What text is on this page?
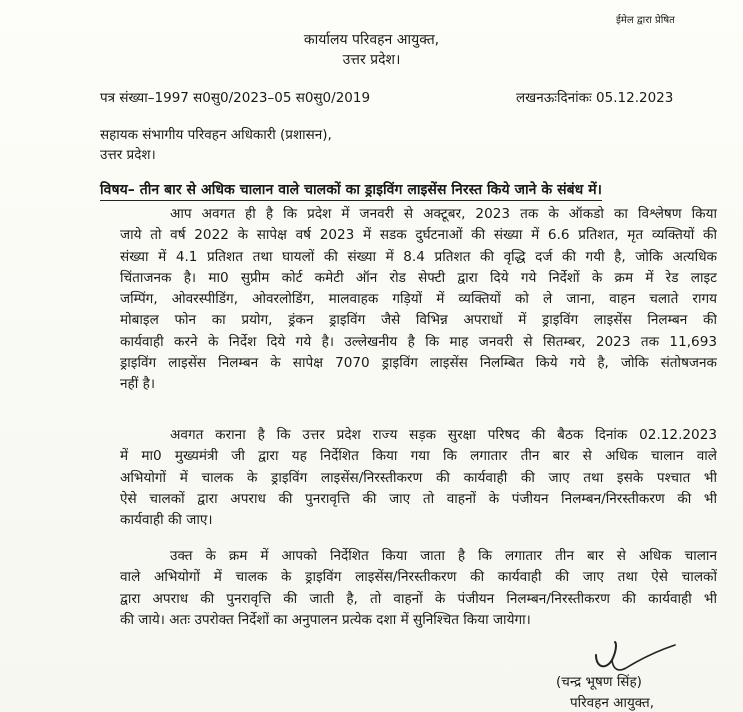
ईमेल द्वारा प्रेषित
कार्यालय परिवहन आयुक्त,
उत्तर प्रदेश।
पत्र संख्या–1997 स0सु0/2023–05 स0सु0/2019	लखनऊःदिनांकः 05.12.2023
सहायक संभागीय परिवहन अधिकारी (प्रशासन),
उत्तर प्रदेश।
विषय– तीन बार से अधिक चालान वाले चालकों का ड्राइविंग लाइसेंस निरस्त किये जाने के संबंध में।
आप अवगत ही है कि प्रदेश में जनवरी से अक्टूबर, 2023 तक के ऑकडो का विश्लेषण किया
जाये तो वर्ष 2022 के सापेक्ष वर्ष 2023 में सडक दुर्घटनाओं की संख्या में 6.6 प्रतिशत, मृत व्यक्तियों की
संख्या में 4.1 प्रतिशत तथा घायलों की संख्या में 8.4 प्रतिशत की वृद्धि दर्ज की गयी है, जोकि अत्यधिक
चिंताजनक है। मा0 सुप्रीम कोर्ट कमेटी ऑन रोड सेफ्टी द्वारा दिये गये निर्देशों के क्रम में रेड लाइट
जम्पिंग, ओवरस्पीडिंग, ओवरलोडिंग, मालवाहक गड़ियों में व्यक्तियों को ले जाना, वाहन चलाते रागय
मोबाइल फोन का प्रयोग, ड्रंकन ड्राइविंग जैसे विभिन्न अपराधों में ड्राइविंग लाइसेंस निलम्बन की
कार्यवाही करने के निर्देश दिये गये है। उल्लेखनीय है कि माह जनवरी से सितम्बर, 2023 तक 11,693
ड्राइविंग लाइसेंस निलम्बन के सापेक्ष 7070 ड्राइविंग लाइसेंस निलम्बित किये गये है, जोकि संतोषजनक
नहीं है।
अवगत कराना है कि उत्तर प्रदेश राज्य सड़क सुरक्षा परिषद की बैठक दिनांक 02.12.2023
में मा0 मुख्यमंत्री जी द्वारा यह निर्देशित किया गया कि लगातार तीन बार से अधिक चालान वाले
अभियोगों में चालक के ड्राइविंग लाइसेंस/निरस्तीकरण की कार्यवाही की जाए तथा इसके पश्चात भी
ऐसे चालकों द्वारा अपराध की पुनरावृत्ति की जाए तो वाहनों के पंजीयन निलम्बन/निरस्तीकरण की भी
कार्यवाही की जाए।
उक्त के क्रम में आपको निर्देशित किया जाता है कि लगातार तीन बार से अधिक चालान
वाले अभियोगों में चालक के ड्राइविंग लाइसेंस/निरस्तीकरण की कार्यवाही की जाए तथा ऐसे चालकों
द्वारा अपराध की पुनरावृत्ति की जाती है, तो वाहनों के पंजीयन निलम्बन/निरस्तीकरण की कार्यवाही भी
की जाये। अतः उपरोक्त निर्देशों का अनुपालन प्रत्येक दशा में सुनिश्चित किया जायेगा।
(चन्द्र भूषण सिंह)
परिवहन आयुक्त,
